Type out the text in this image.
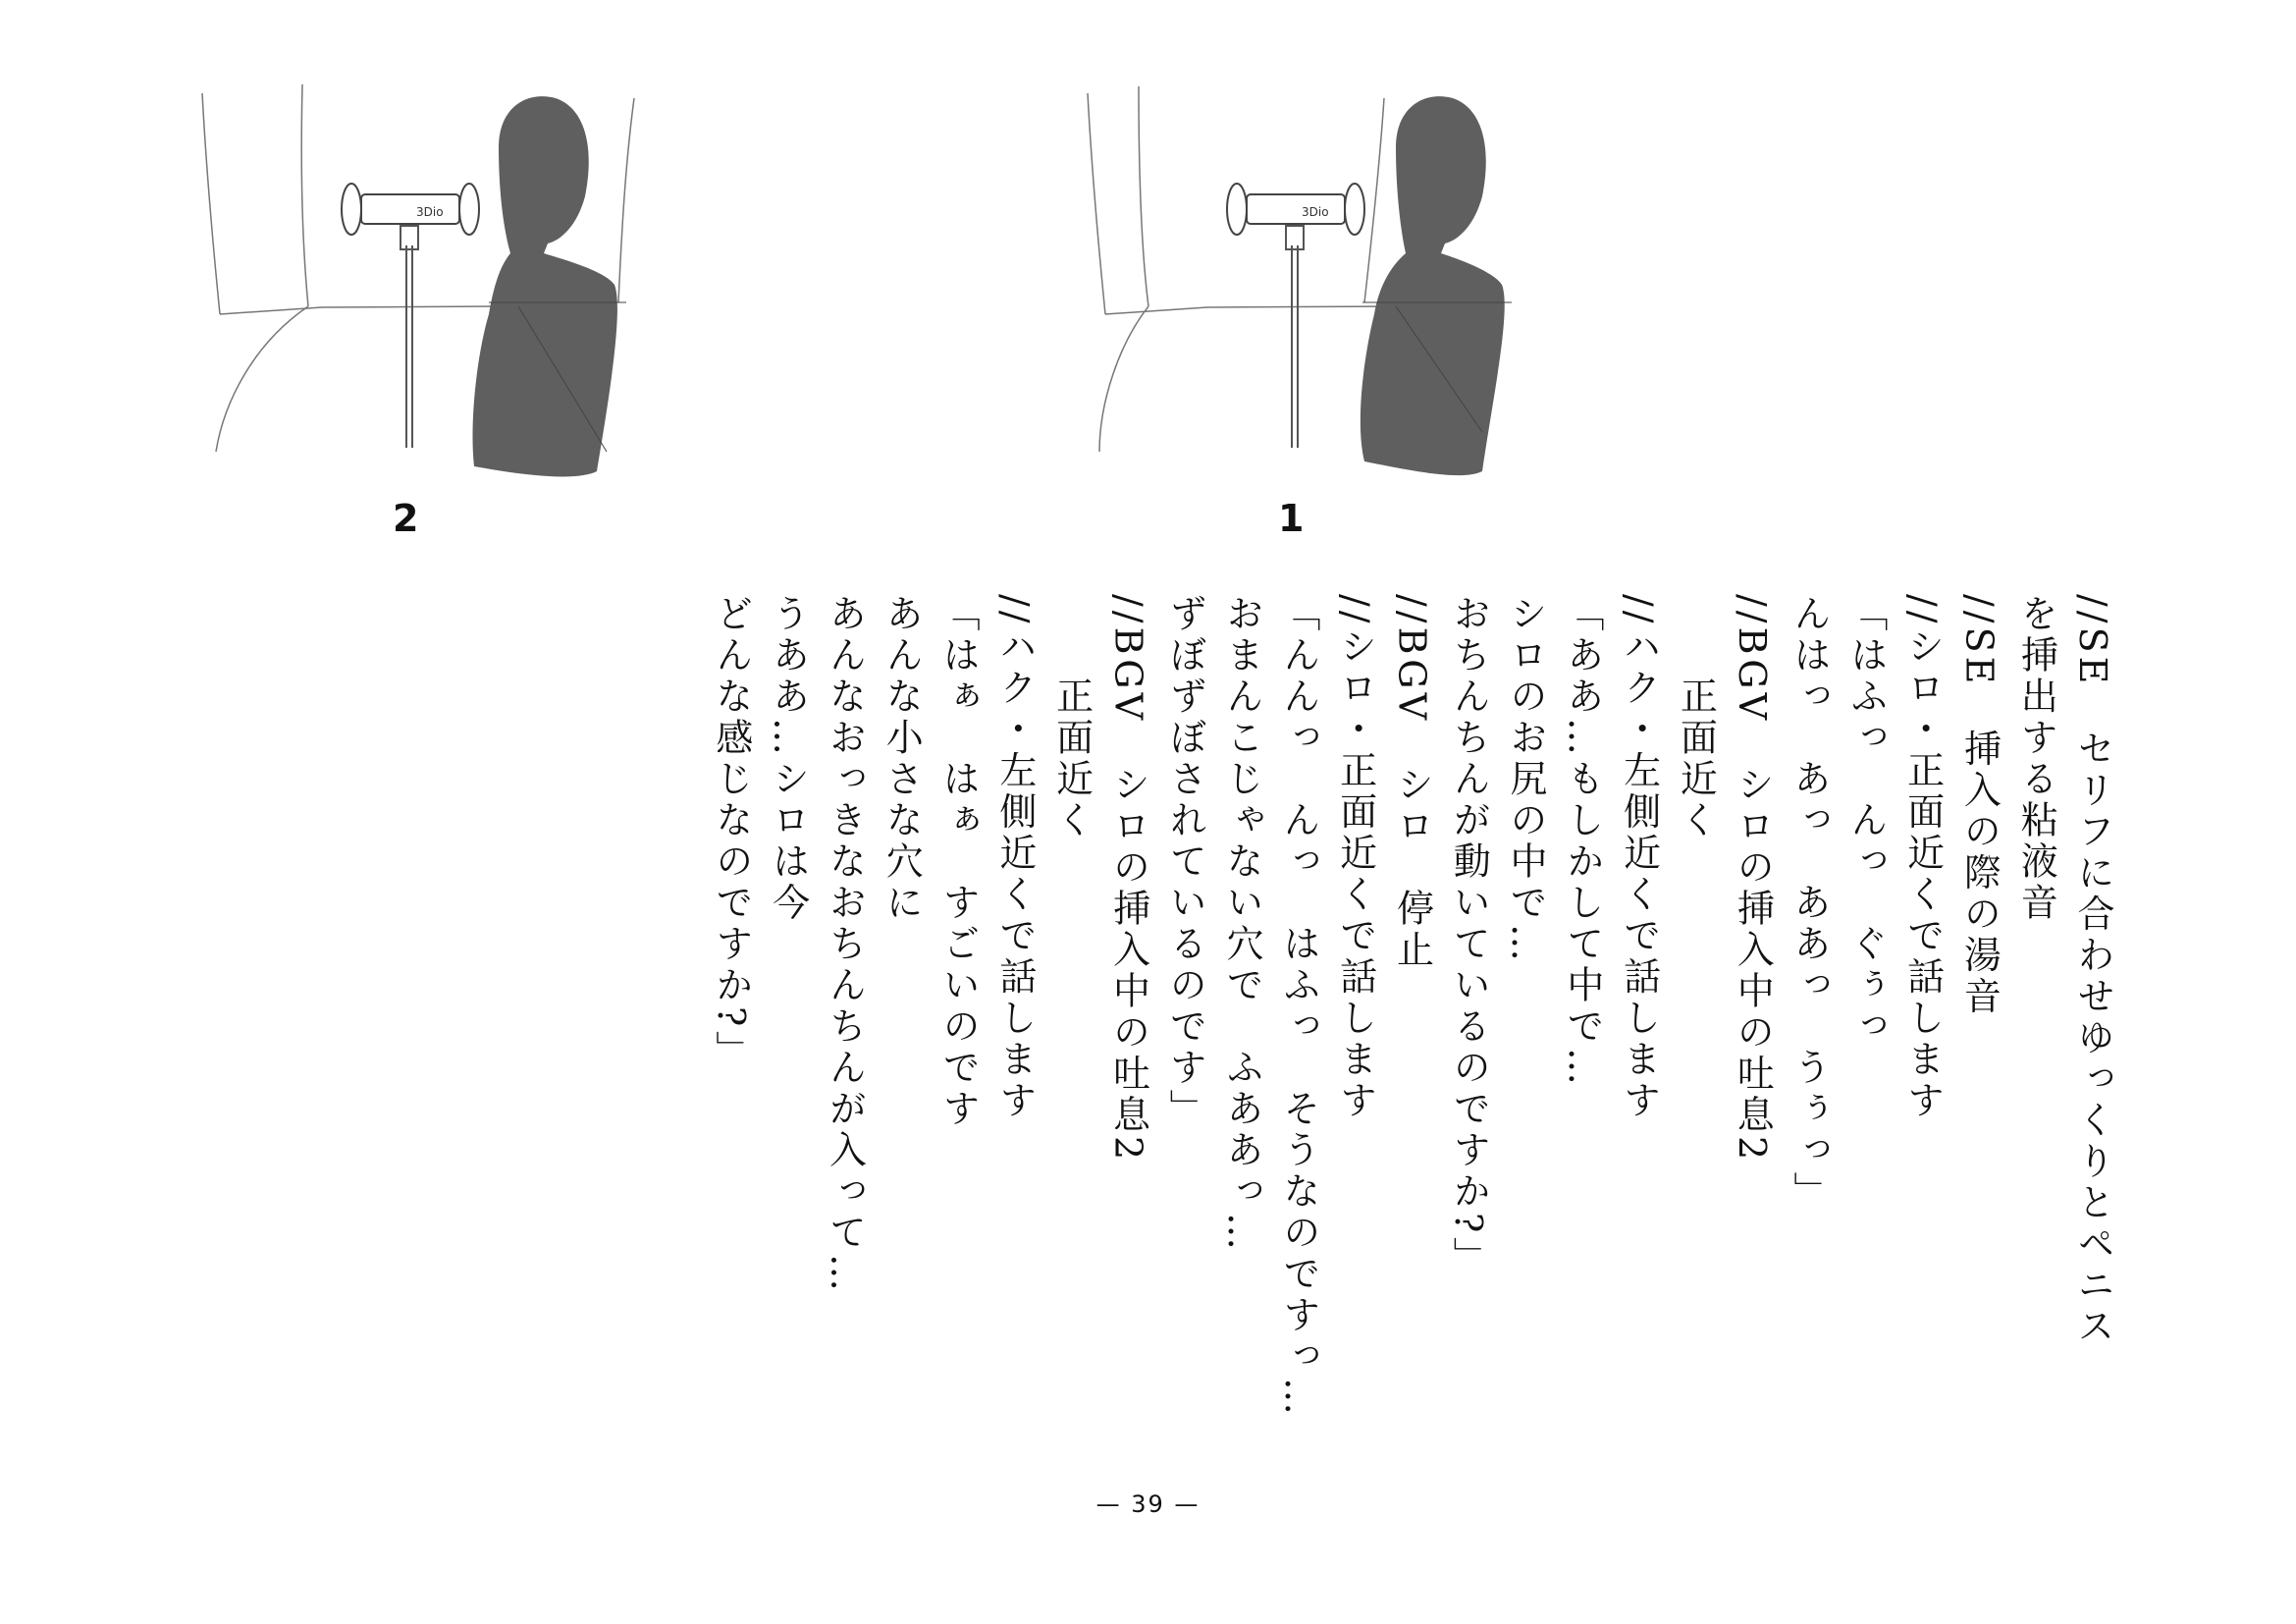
3Dio
1
3Dio
2
//SE　セリフに合わせゆっくりとペニス
を挿出する粘液音
//SE　挿入の際の湯音
//シロ・正面近くで話します
「はふっ　んっ　ぐぅっ
んはっ　あっ　ああっ　うぅっ」
//BGV　シロの挿入中の吐息2
　　正面近く
//ハク・左側近くで話します
「ああ…もしかして中で…
シロのお尻の中で…
おちんちんが動いているのですか?」
//BGV　シロ　停止
//シロ・正面近くで話します
「んんっ　んっ　はふっ　そうなのですっ…
おまんこじゃない穴で　ふああっ…
ずぼずぼされているのです」
//BGV　シロの挿入中の吐息2
　　正面近く
//ハク・左側近くで話します
「はぁ　はぁ　すごいのです
あんな小さな穴に
あんなおっきなおちんちんが入って…
うああ…シロは今
どんな感じなのですか?」
— 39 —
